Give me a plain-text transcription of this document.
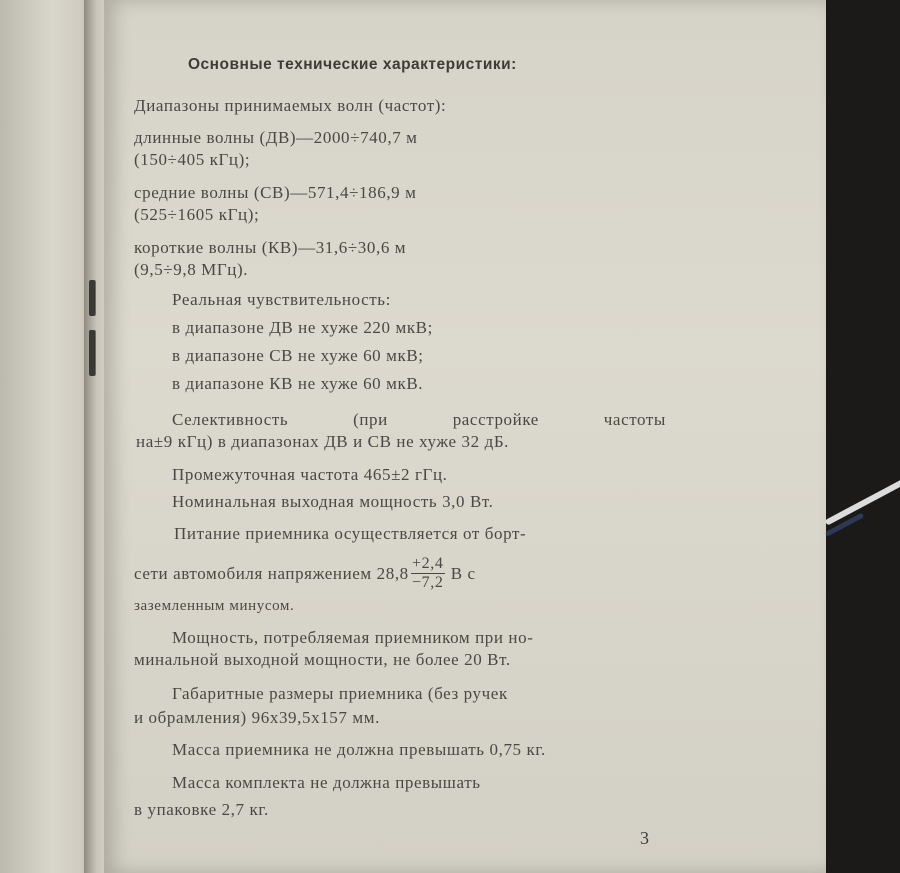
Основные технические характеристики:
Диапазоны принимаемых волн (частот):
длинные волны (ДВ)—2000÷740,7 м
(150÷405 кГц);
средние волны (СВ)—571,4÷186,9 м
(525÷1605 кГц);
короткие волны (КВ)—31,6÷30,6 м
(9,5÷9,8 МГц).
Реальная чувствительность:
в диапазоне ДВ не хуже 220 мкВ;
в диапазоне СВ не хуже 60 мкВ;
в диапазоне КВ не хуже 60 мкВ.
Селективность	(при	расстройке	частоты
на±9 кГц) в диапазонах ДВ и СВ не хуже 32 дБ.
Промежуточная частота 465±2 гГц.
Номинальная выходная мощность 3,0 Вт.
Питание приемника осуществляется от борт-
сети автомобиля напряжением $28,8 \frac{+2,4}{-7,2}$ В с
заземленным минусом.
Мощность, потребляемая приемником при но-
минальной выходной мощности, не более 20 Вт.
Габаритные размеры приемника (без ручек
и обрамления) 96х39,5х157 мм.
Масса приемника не должна превышать 0,75 кг.
Масса комплекта не должна превышать
в упаковке 2,7 кг.
3
